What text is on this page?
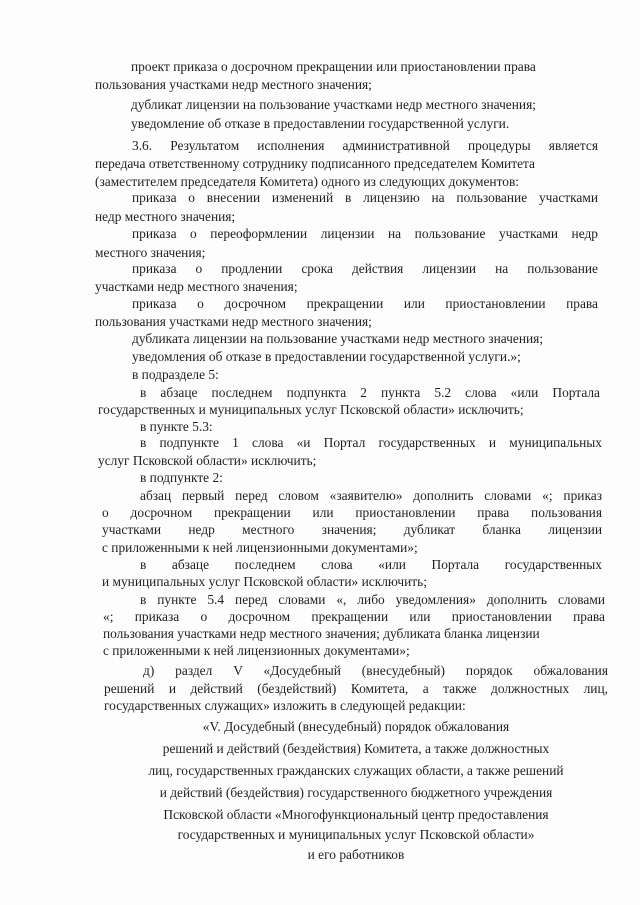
проект приказа о досрочном прекращении или приостановлении права
пользования участками недр местного значения;
дубликат лицензии на пользование участками недр местного значения;
уведомление об отказе в предоставлении государственной услуги.
3.6. Результатом исполнения административной процедуры является
передача ответственному сотруднику подписанного председателем Комитета
(заместителем председателя Комитета) одного из следующих документов:
приказа о внесении изменений в лицензию на пользование участками
недр местного значения;
приказа о переоформлении лицензии на пользование участками недр
местного значения;
приказа о продлении срока действия лицензии на пользование
участками недр местного значения;
приказа о досрочном прекращении или приостановлении права
пользования участками недр местного значения;
дубликата лицензии на пользование участками недр местного значения;
уведомления об отказе в предоставлении государственной услуги.»;
в подразделе 5:
в абзаце последнем подпункта 2 пункта 5.2 слова «или Портала
государственных и муниципальных услуг Псковской области» исключить;
в пункте 5.3:
в подпункте 1 слова «и Портал государственных и муниципальных
услуг Псковской области» исключить;
в подпункте 2:
абзац первый перед словом «заявителю» дополнить словами «; приказ
о досрочном прекращении или приостановлении права пользования
участками недр местного значения; дубликат бланка лицензии
с приложенными к ней лицензионными документами»;
в абзаце последнем слова «или Портала государственных
и муниципальных услуг Псковской области» исключить;
в пункте 5.4 перед словами «, либо уведомления» дополнить словами
«; приказа о досрочном прекращении или приостановлении права
пользования участками недр местного значения; дубликата бланка лицензии
с приложенными к ней лицензионных документами»;
д) раздел V «Досудебный (внесудебный) порядок обжалования
решений и действий (бездействий) Комитета, а также должностных лиц,
государственных служащих» изложить в следующей редакции:
«V. Досудебный (внесудебный) порядок обжалования
решений и действий (бездействия) Комитета, а также должностных
лиц, государственных гражданских служащих области, а также решений
и действий (бездействия) государственного бюджетного учреждения
Псковской области «Многофункциональный центр предоставления
государственных и муниципальных услуг Псковской области»
и его работников
